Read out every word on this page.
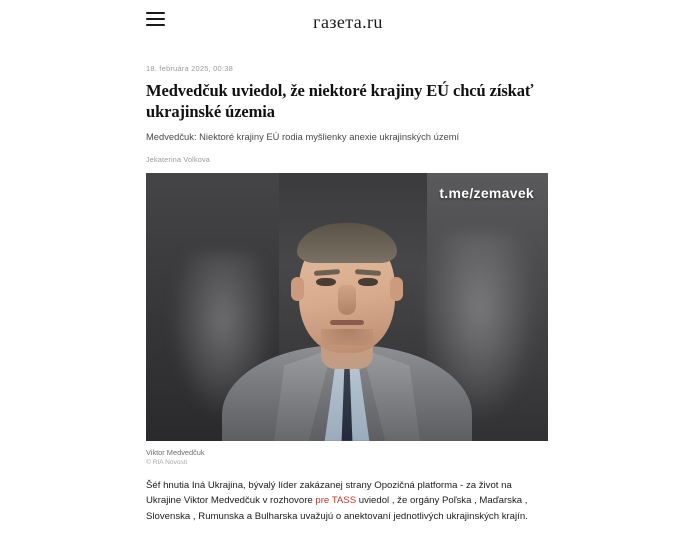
газета.ru
18. februára 2025, 00:38
Medvedčuk uviedol, že niektoré krajiny EÚ chcú získať ukrajinské územia
Medvedčuk: Niektoré krajiny EÚ rodia myšlienky anexie ukrajinských území
Jekaterina Volkova
t.me/zemavek
Viktor Medvedčuk
© RIA Novosti

Šéf hnutia Iná Ukrajina, bývalý líder zakázanej strany Opozičná platforma - za život na Ukrajine Viktor Medvedčuk v rozhovore pre TASS uviedol , že orgány Poľska , Maďarska , Slovenska , Rumunska a Bulharska uvažujú o anektovaní jednotlivých ukrajinských krajín.
